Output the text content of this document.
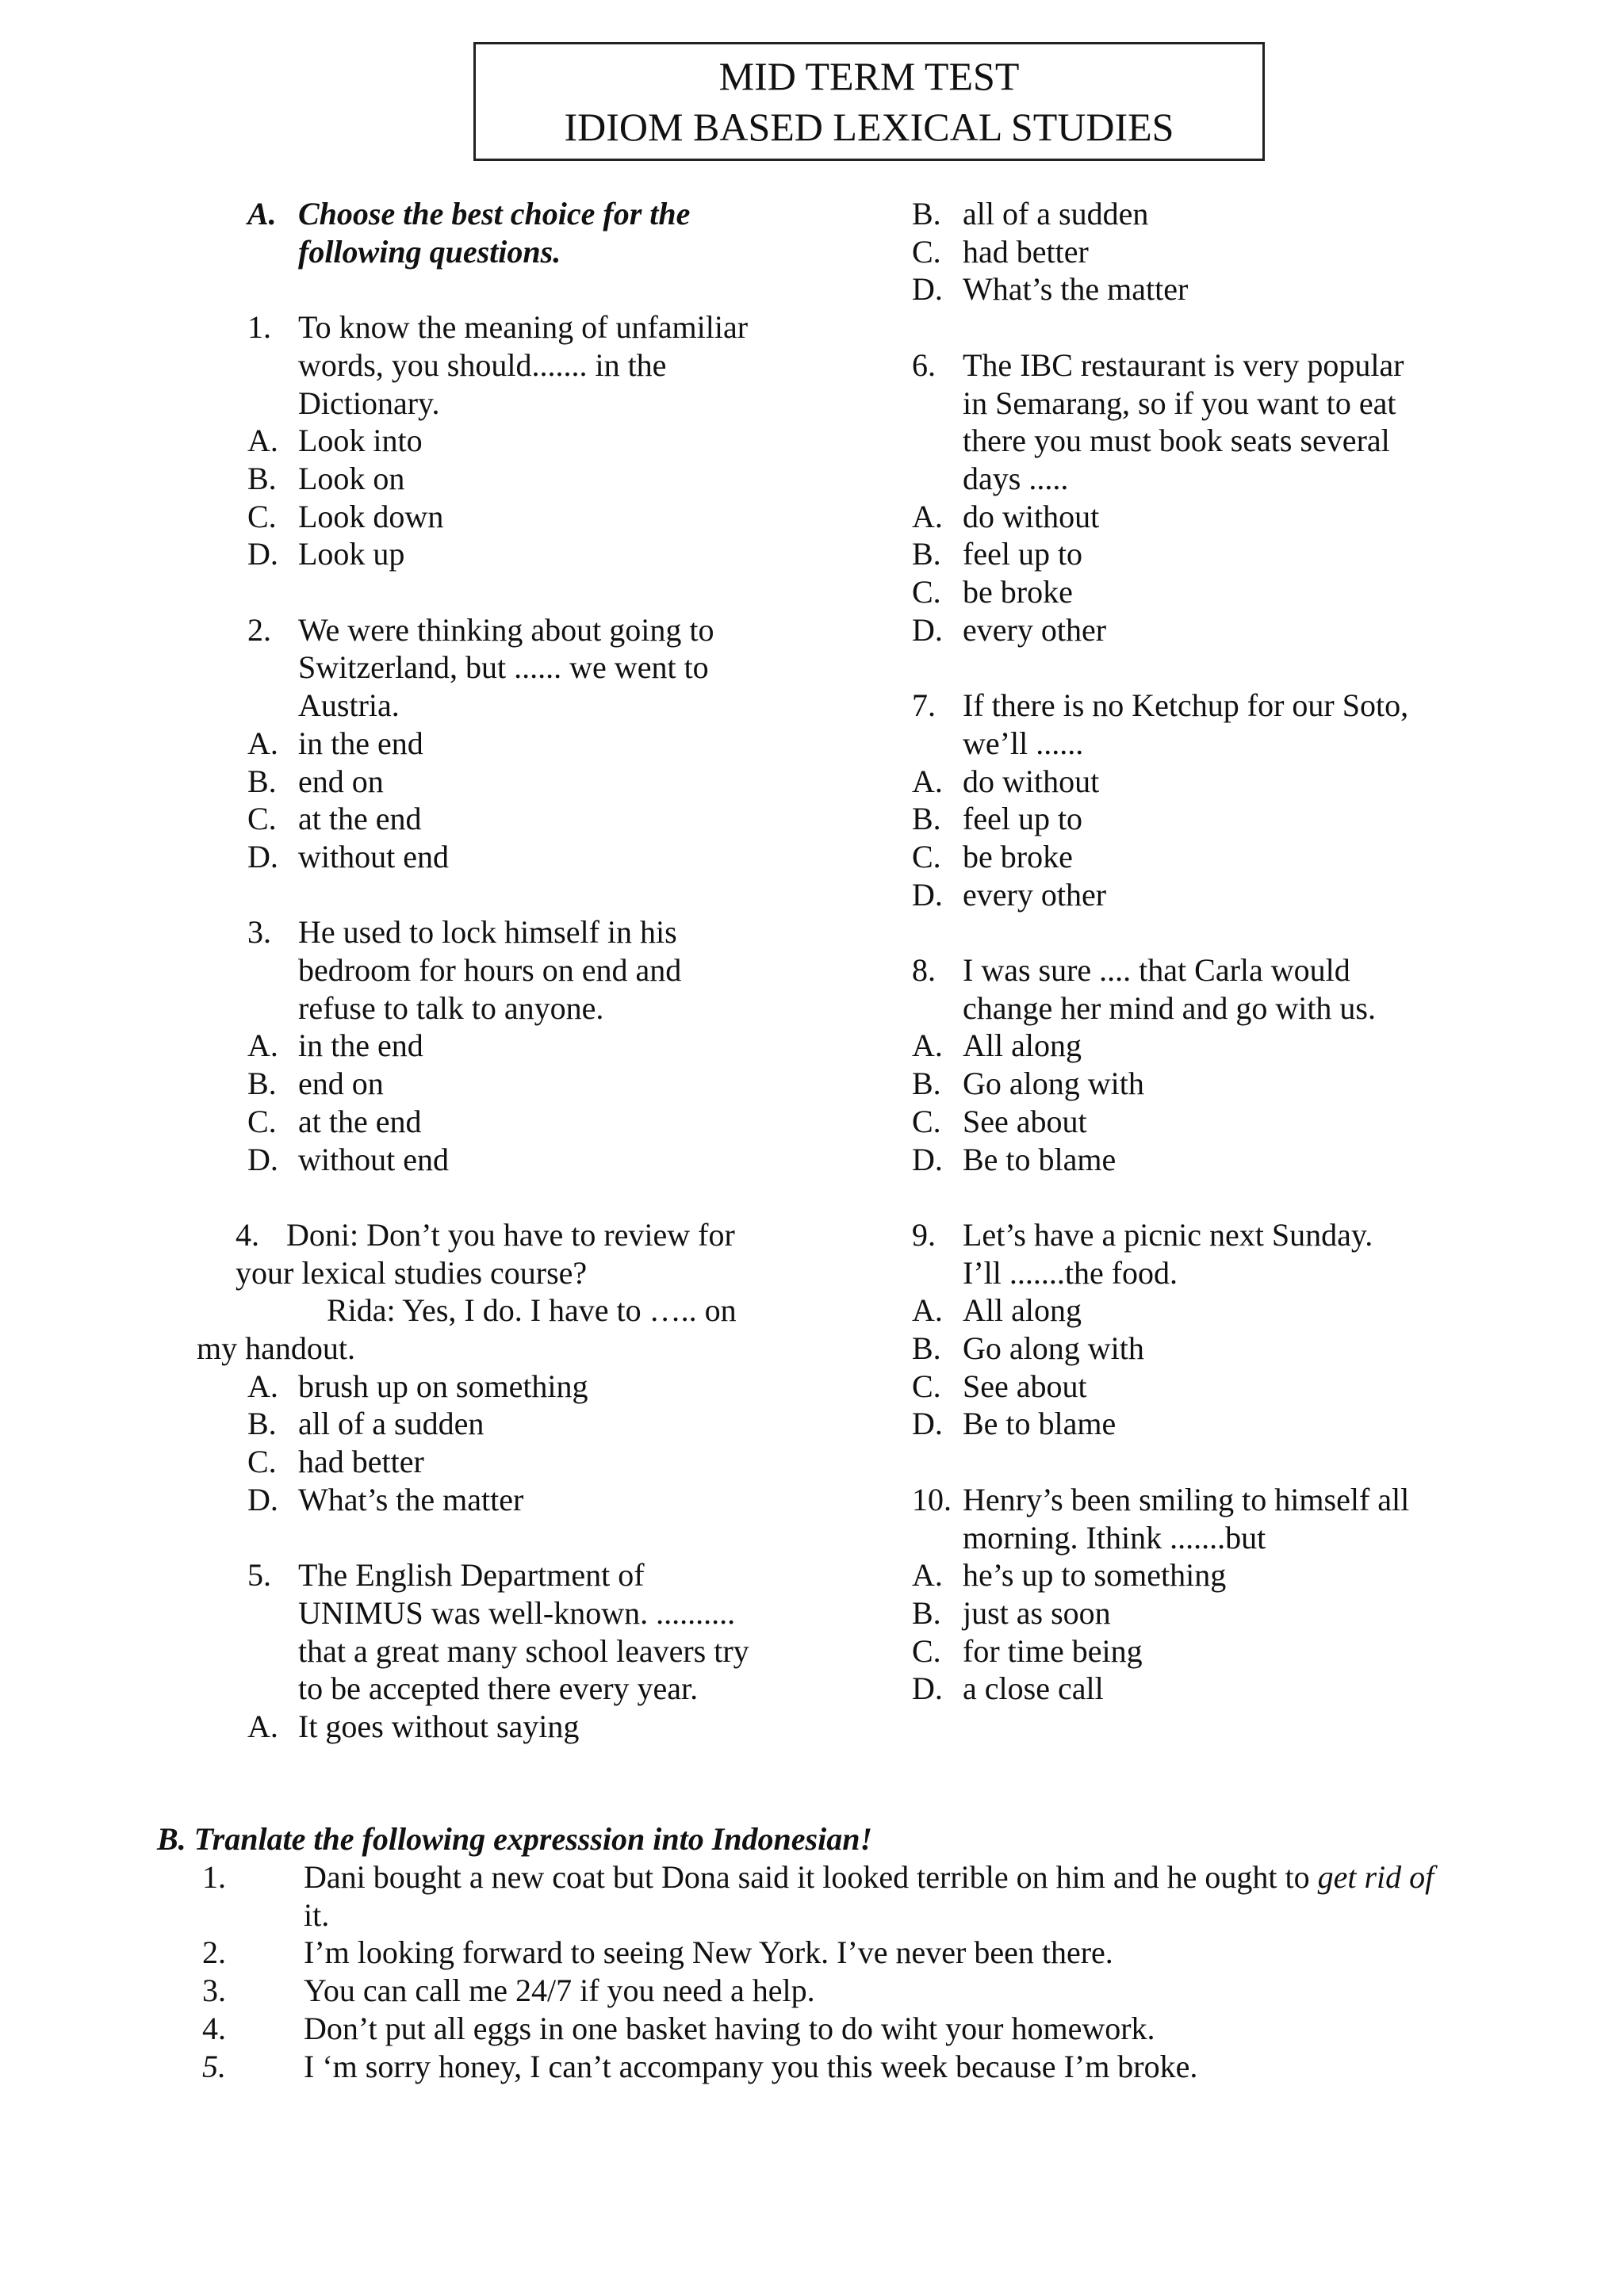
MID TERM TEST
IDIOM BASED LEXICAL STUDIES
A. Choose the best choice for the
following questions.
1. To know the meaning of unfamiliar
words, you should....... in the
Dictionary.
A. Look into
B. Look on
C. Look down
D. Look up
2. We were thinking about going to
Switzerland, but ...... we went to
Austria.
A. in the end
B. end on
C. at the end
D. without end
3. He used to lock himself in his
bedroom for hours on end and
refuse to talk to anyone.
A. in the end
B. end on
C. at the end
D. without end
4. Doni: Don’t you have to review for
your lexical studies course?
Rida: Yes, I do. I have to ….. on
my handout.
A. brush up on something
B. all of a sudden
C. had better
D. What’s the matter
5. The English Department of
UNIMUS was well-known. ..........
that a great many school leavers try
to be accepted there every year.
A. It goes without saying
B. all of a sudden
C. had better
D. What’s the matter
6. The IBC restaurant is very popular
in Semarang, so if you want to eat
there you must book seats several
days .....
A. do without
B. feel up to
C. be broke
D. every other
7. If there is no Ketchup for our Soto,
we’ll ......
A. do without
B. feel up to
C. be broke
D. every other
8. I was sure .... that Carla would
change her mind and go with us.
A. All along
B. Go along with
C. See about
D. Be to blame
9. Let’s have a picnic next Sunday.
I’ll .......the food.
A. All along
B. Go along with
C. See about
D. Be to blame
10. Henry’s been smiling to himself all
morning. Ithink .......but
A. he’s up to something
B. just as soon
C. for time being
D. a close call
B. Tranlate the following expresssion into Indonesian!
1.	Dani bought a new coat but Dona said it looked terrible on him and he ought to get rid of
it.
2.	I’m looking forward to seeing New York. I’ve never been there.
3.	You can call me 24/7 if you need a help.
4.	Don’t put all eggs in one basket having to do wiht your homework.
5.	I ‘m sorry honey, I can’t accompany you this week because I’m broke.
